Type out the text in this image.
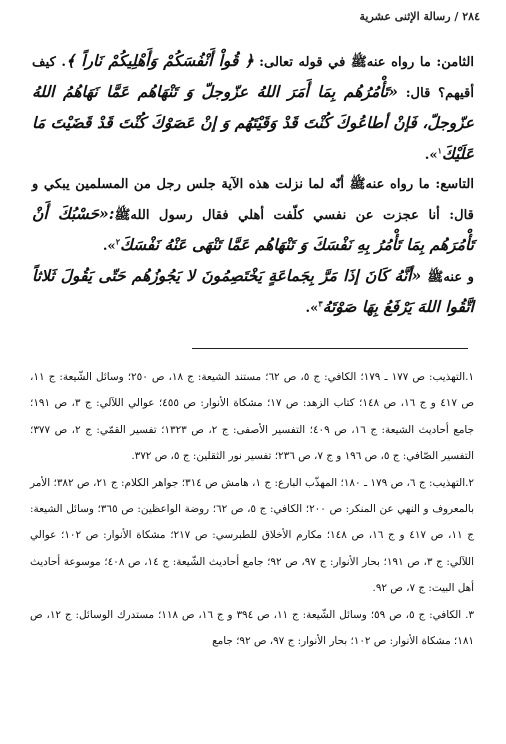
٢٨٤ / رسالة الإثنى عشرية

الثامن: ما رواه عنهﷺ في قوله تعالى: ﴿ قُواْ أَنْفُسَكُمْ وَأَهْلِيكُمْ نَاراً ﴾. كيف أقيهم؟ قال: «تَأْمُرُهُم بِمَا أَمَرَ اللهُ عزّوجلّ وَ تَنْهَاهُم عَمَّا نَهَاهُمُ اللهُ عزّوجلّ، فَإنْ أطاعُوكَ كُنْتَ قَدْ وَقَيْتَهُم وَ إنْ عَصَوْكَ كُنْتَ قَدْ قَضَيْتَ مَا عَلَيْكَ$^١$».

التاسع: ما رواه عنهﷺ أنّه لما نزلت هذه الآية جلس رجل من المسلمين يبكي و قال: أنا عجزت عن نفسي كلّفت أهلي فقال رسول اللهﷺ:«حَسْبُكَ أَنْ تَأْمُرَهُم بِمَا تَأْمُرُ بِهِ نَفْسَكَ وَ تَنْهَاهُم عَمَّا تَنْهَى عَنْهُ نَفْسَكَ$^٢$».

و عنهﷺ «أنَّهُ كَانَ إذَا مَرَّ بِجَماعَةٍ يَخْتَصِمُونَ لا يَجُوزُهُم حَتّى يَقُولَ ثَلاثاً اتَّقُوا اللهَ يَرْفَعُ بِهَا صَوْتَهُ$^٣$».

١.التهذيب: ص ١٧٧ ـ ١٧٩؛ الكافي: ج ٥، ص ٦٢؛ مستند الشيعة: ج ١٨، ص ٢٥٠؛ وسائل الشّيعة: ج ١١، ص ٤١٧ و ج ١٦، ص ١٤٨؛ كتاب الزهد: ص ١٧؛ مشكاة الأنوار: ص ٤٥٥؛ عوالي اللآلي: ج ٣، ص ١٩١؛ جامع أحاديث الشيعة: ج ١٦، ص ٤٠٩؛ التفسير الأصفى: ج ٢، ص ١٣٢٣؛ تفسير القمّي: ج ٢، ص ٣٧٧؛ التفسير الصّافي: ج ٥، ص ١٩٦ و ج ٧، ص ٢٣٦؛ تفسير نور الثقلين: ج ٥، ص ٣٧٢.

٢.التهذيب: ج ٦، ص ١٧٩ ـ ١٨٠؛ المهذّب البارع: ج ١، هامش ص ٣١٤؛ جواهر الكلام: ج ٢١، ص ٣٨٢؛ الأمر بالمعروف و النهي عن المنكر: ص ٢٠٠؛ الكافي: ج ٥، ص ٦٢؛ روضة الواعظين: ص ٣٦٥؛ وسائل الشيعة: ج ١١، ص ٤١٧ و ج ١٦، ص ١٤٨؛ مكارم الأخلاق للطبرسي: ص ٢١٧؛ مشكاة الأنوار: ص ١٠٢؛ عوالي اللآلي: ج ٣، ص ١٩١؛ بحار الأنوار: ج ٩٧، ص ٩٢؛ جامع أحاديث الشّيعة: ج ١٤، ص ٤٠٨؛ موسوعة أحاديث أهل البيت: ج ٧، ص ٩٢.

٣. الكافي: ج ٥، ص ٥٩؛ وسائل الشّيعة: ج ١١، ص ٣٩٤ و ج ١٦، ص ١١٨؛ مستدرك الوسائل: ج ١٢، ص ١٨١؛ مشكاة الأنوار: ص ١٠٢؛ بحار الأنوار: ج ٩٧، ص ٩٢؛ جامع
